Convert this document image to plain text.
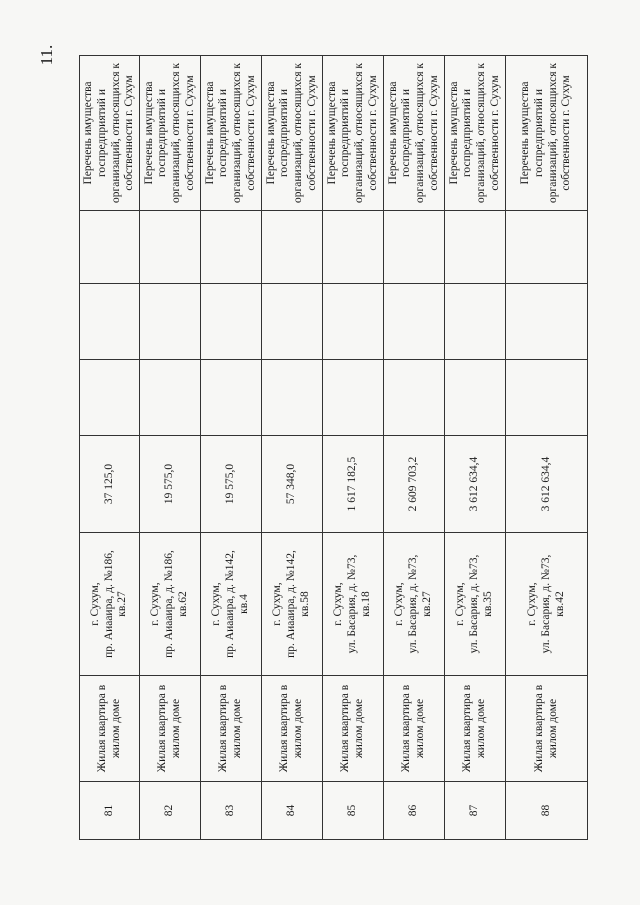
11.
81	Жилая квартира в жилом доме	г. Сухум, пр. Аиааира, д. №186, кв.27	37 125,0				Перечень имущества госпредприятий и организаций, относящихся к собственности г. Сухум
82	Жилая квартира в жилом доме	г. Сухум, пр. Аиааира, д. №186, кв.62	19 575,0				Перечень имущества госпредприятий и организаций, относящихся к собственности г. Сухум
83	Жилая квартира в жилом доме	г. Сухум, пр. Аиааира, д. №142, кв.4	19 575,0				Перечень имущества госпредприятий и организаций, относящихся к собственности г. Сухум
84	Жилая квартира в жилом доме	г. Сухум, пр. Аиааира, д. №142, кв.58	57 348,0				Перечень имущества госпредприятий и организаций, относящихся к собственности г. Сухум
85	Жилая квартира в жилом доме	г. Сухум, ул. Басария, д. №73, кв.18	1 617 182,5				Перечень имущества госпредприятий и организаций, относящихся к собственности г. Сухум
86	Жилая квартира в жилом доме	г. Сухум, ул. Басария, д. №73, кв.27	2 609 703,2				Перечень имущества госпредприятий и организаций, относящихся к собственности г. Сухум
87	Жилая квартира в жилом доме	г. Сухум, ул. Басария, д. №73, кв.35	3 612 634,4				Перечень имущества госпредприятий и организаций, относящихся к собственности г. Сухум
88	Жилая квартира в жилом доме	г. Сухум, ул. Басария, д. №73, кв.42	3 612 634,4				Перечень имущества госпредприятий и организаций, относящихся к собственности г. Сухум
